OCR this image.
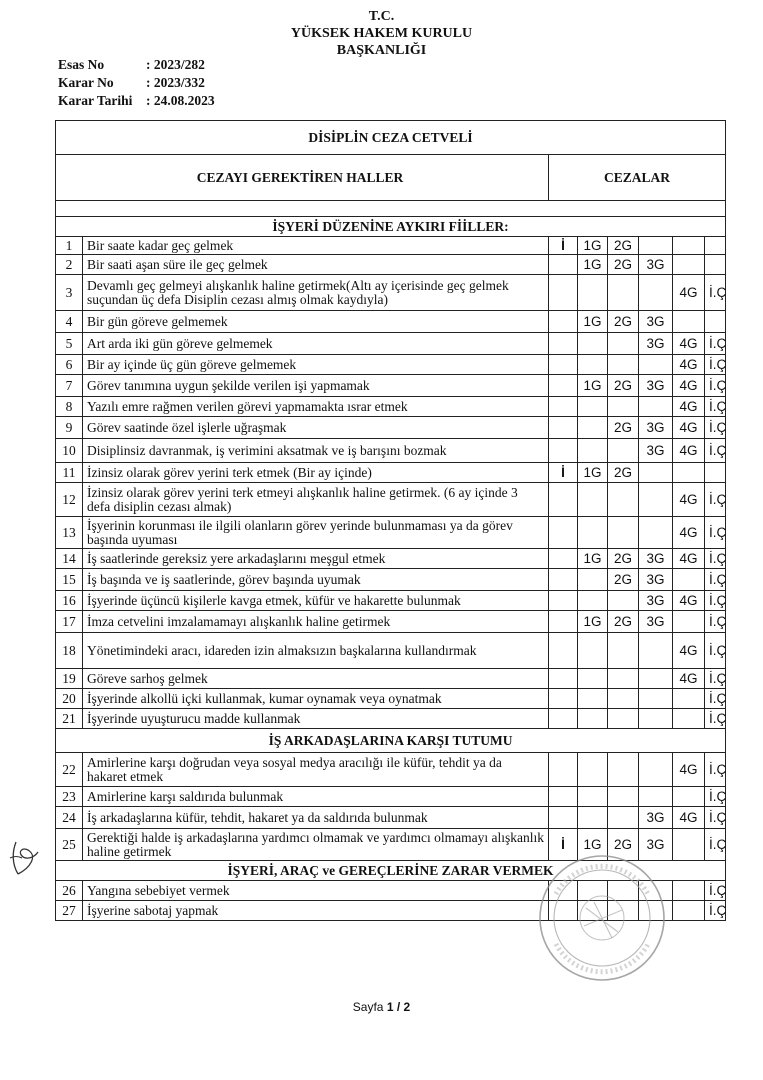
T.C.
YÜKSEK HAKEM KURULU
BAŞKANLIĞI
Esas No	: 2023/282
Karar No	: 2023/332
Karar Tarihi	: 24.08.2023
DİSİPLİN CEZA CETVELİ							
CEZAYI GEREKTİREN HALLER		CEZALAR					

İŞYERİ DÜZENİNE AYKIRI FİİLLER:							
1	Bir saate kadar geç gelmek	İ	1G	2G			
2	Bir saati aşan süre ile geç gelmek		1G	2G	3G		
3	Devamlı geç gelmeyi alışkanlık haline getirmek(Altı ay içerisinde geç gelmek suçundan üç defa Disiplin cezası almış olmak kaydıyla)					4G	İ.Ç
4	Bir gün göreve gelmemek		1G	2G	3G		
5	Art arda iki gün göreve gelmemek				3G	4G	İ.Ç
6	Bir ay içinde üç gün göreve gelmemek					4G	İ.Ç
7	Görev tanımına uygun şekilde verilen işi yapmamak		1G	2G	3G	4G	İ.Ç
8	Yazılı emre rağmen verilen görevi yapmamakta ısrar etmek					4G	İ.Ç
9	Görev saatinde özel işlerle uğraşmak			2G	3G	4G	İ.Ç
10	Disiplinsiz davranmak, iş verimini aksatmak ve iş barışını bozmak				3G	4G	İ.Ç
11	İzinsiz olarak görev yerini terk etmek (Bir ay içinde)	İ	1G	2G			
12	İzinsiz olarak görev yerini terk etmeyi alışkanlık haline getirmek. (6 ay içinde 3 defa disiplin cezası almak)					4G	İ.Ç
13	İşyerinin korunması ile ilgili olanların görev yerinde bulunmaması ya da görev başında uyuması					4G	İ.Ç
14	İş saatlerinde gereksiz yere arkadaşlarını meşgul etmek		1G	2G	3G	4G	İ.Ç
15	İş başında ve iş saatlerinde, görev başında uyumak			2G	3G		İ.Ç
16	İşyerinde üçüncü kişilerle kavga etmek, küfür ve hakarette bulunmak				3G	4G	İ.Ç
17	İmza cetvelini imzalamamayı alışkanlık haline getirmek		1G	2G	3G		İ.Ç
18	Yönetimindeki aracı, idareden izin almaksızın başkalarına kullandırmak					4G	İ.Ç
19	Göreve sarhoş gelmek					4G	İ.Ç
20	İşyerinde alkollü içki kullanmak, kumar oynamak veya oynatmak						İ.Ç
21	İşyerinde uyuşturucu madde kullanmak						İ.Ç
İŞ ARKADAŞLARINA KARŞI TUTUMU							
22	Amirlerine karşı doğrudan veya sosyal medya aracılığı ile küfür, tehdit ya da hakaret etmek					4G	İ.Ç
23	Amirlerine karşı saldırıda bulunmak						İ.Ç
24	İş arkadaşlarına küfür, tehdit, hakaret ya da saldırıda bulunmak				3G	4G	İ.Ç
25	Gerektiği halde iş arkadaşlarına yardımcı olmamak ve yardımcı olmamayı alışkanlık haline getirmek	İ	1G	2G	3G		İ.Ç
İŞYERİ, ARAÇ ve GEREÇLERİNE ZARAR VERMEK							
26	Yangına sebebiyet vermek						İ.Ç
27	İşyerine sabotaj yapmak						İ.Ç
Sayfa 1 / 2
